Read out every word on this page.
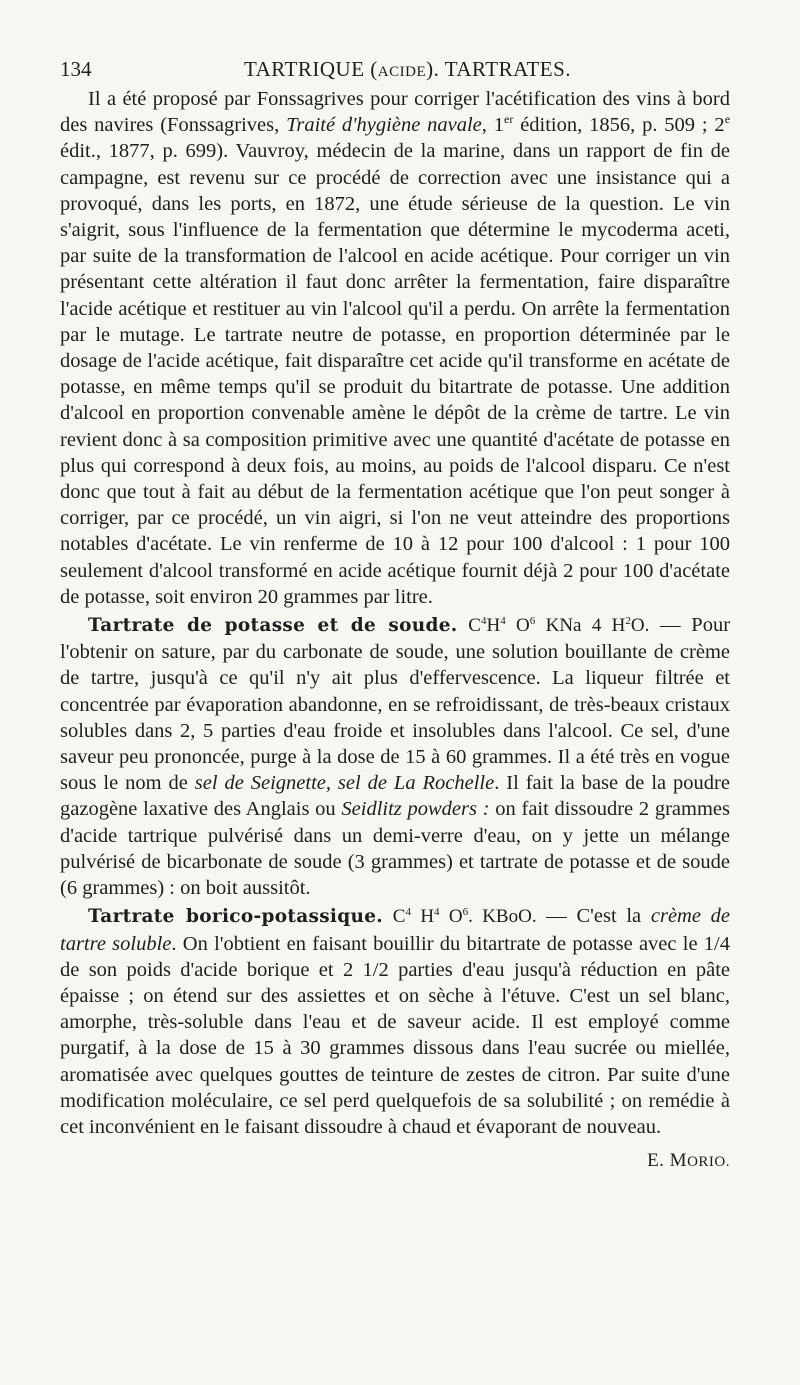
134	TARTRIQUE (ACIDE). TARTRATES.

Il a été proposé par Fonssagrives pour corriger l'acétification des vins à bord des navires (Fonssagrives, Traité d'hygiène navale, 1er édition, 1856, p. 509 ; 2e édit., 1877, p. 699). Vauvroy, médecin de la marine, dans un rapport de fin de campagne, est revenu sur ce procédé de correction avec une insistance qui a provoqué, dans les ports, en 1872, une étude sérieuse de la question. Le vin s'aigrit, sous l'influence de la fermentation que détermine le mycoderma aceti, par suite de la transformation de l'alcool en acide acétique. Pour corriger un vin présentant cette altération il faut donc arrêter la fermentation, faire disparaître l'acide acétique et restituer au vin l'alcool qu'il a perdu. On arrête la fermentation par le mutage. Le tartrate neutre de potasse, en proportion déterminée par le dosage de l'acide acétique, fait disparaître cet acide qu'il transforme en acétate de potasse, en même temps qu'il se produit du bitartrate de potasse. Une addition d'alcool en proportion convenable amène le dépôt de la crème de tartre. Le vin revient donc à sa composition primitive avec une quantité d'acétate de potasse en plus qui correspond à deux fois, au moins, au poids de l'alcool disparu. Ce n'est donc que tout à fait au début de la fermentation acétique que l'on peut songer à corriger, par ce procédé, un vin aigri, si l'on ne veut atteindre des proportions notables d'acétate. Le vin renferme de 10 à 12 pour 100 d'alcool : 1 pour 100 seulement d'alcool transformé en acide acétique fournit déjà 2 pour 100 d'acétate de potasse, soit environ 20 grammes par litre.

Tartrate de potasse et de soude. $C^4H^4$ $O^6$ KNa 4 $H^2O$. — Pour l'obtenir on sature, par du carbonate de soude, une solution bouillante de crème de tartre, jusqu'à ce qu'il n'y ait plus d'effervescence. La liqueur filtrée et concentrée par évaporation abandonne, en se refroidissant, de très-beaux cristaux solubles dans 2, 5 parties d'eau froide et insolubles dans l'alcool. Ce sel, d'une saveur peu prononcée, purge à la dose de 15 à 60 grammes. Il a été très en vogue sous le nom de sel de Seignette, sel de La Rochelle. Il fait la base de la poudre gazogène laxative des Anglais ou Seidlitz powders : on fait dissoudre 2 grammes d'acide tartrique pulvérisé dans un demi-verre d'eau, on y jette un mélange pulvérisé de bicarbonate de soude (3 grammes) et tartrate de potasse et de soude (6 grammes) : on boit aussitôt.

Tartrate borico-potassique. $C^4$ $H^4$ $O^6$. KBoO. — C'est la crème de tartre soluble. On l'obtient en faisant bouillir du bitartrate de potasse avec le 1/4 de son poids d'acide borique et 2 1/2 parties d'eau jusqu'à réduction en pâte épaisse ; on étend sur des assiettes et on sèche à l'étuve. C'est un sel blanc, amorphe, très-soluble dans l'eau et de saveur acide. Il est employé comme purgatif, à la dose de 15 à 30 grammes dissous dans l'eau sucrée ou miellée, aromatisée avec quelques gouttes de teinture de zestes de citron. Par suite d'une modification moléculaire, ce sel perd quelquefois de sa solubilité ; on remédie à cet inconvénient en le faisant dissoudre à chaud et évaporant de nouveau.

E. MORIO.
